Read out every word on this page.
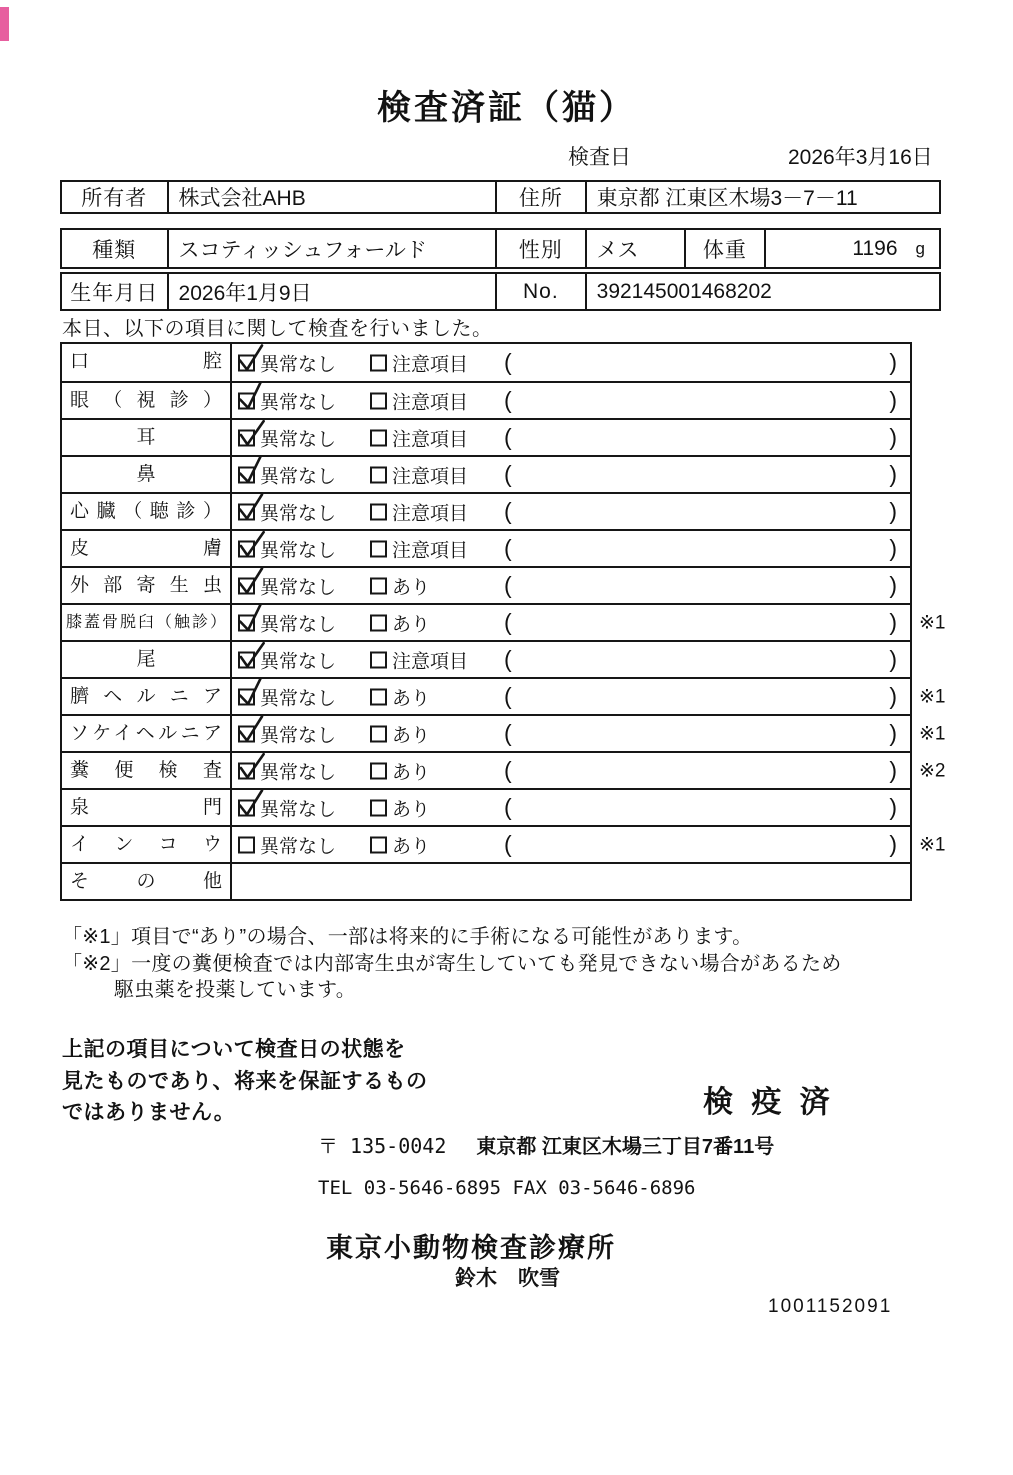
検査済証（猫）
検査日	2026年3月16日
所有者	株式会社AHB	住所	東京都 江東区木場3－7－11
種類	スコティッシュフォールド	性別	メス	体重	1196 g
生年月日 2026年1月9日	No.	392145001468202
本日、以下の項目に関して検査を行いました。
口腔	異常なし	注意項目 (	)
眼（視診）	異常なし	注意項目 (	)
耳	異常なし	注意項目 (	)
鼻	異常なし	注意項目 (	)
心臓（聴診）	異常なし	注意項目 (	)
皮膚	異常なし	注意項目 (	)
外部寄生虫	異常なし	あり	(	)
膝蓋骨脱臼（触診）	異常なし	あり	(	) ※1
尾	異常なし	注意項目 (	)
臍ヘルニア	異常なし	あり	(	) ※1
ソケイヘルニア	異常なし	あり	(	) ※1
糞便検査	異常なし	あり	(	) ※2
泉門	異常なし	あり	(	)
インコウ	異常なし	あり	(	) ※1
その他
「※1」項目で“あり”の場合、一部は将来的に手術になる可能性があります。
「※2」一度の糞便検査では内部寄生虫が寄生していても発見できない場合があるため
駆虫薬を投薬しています。
上記の項目について検査日の状態を
見たものであり、将来を保証するもの
ではありません。	検 疫 済
〒 135-0042 東京都 江東区木場三丁目7番11号
TEL 03-5646-6895 FAX 03-5646-6896
東京小動物検査診療所
鈴木　吹雪
1001152091
